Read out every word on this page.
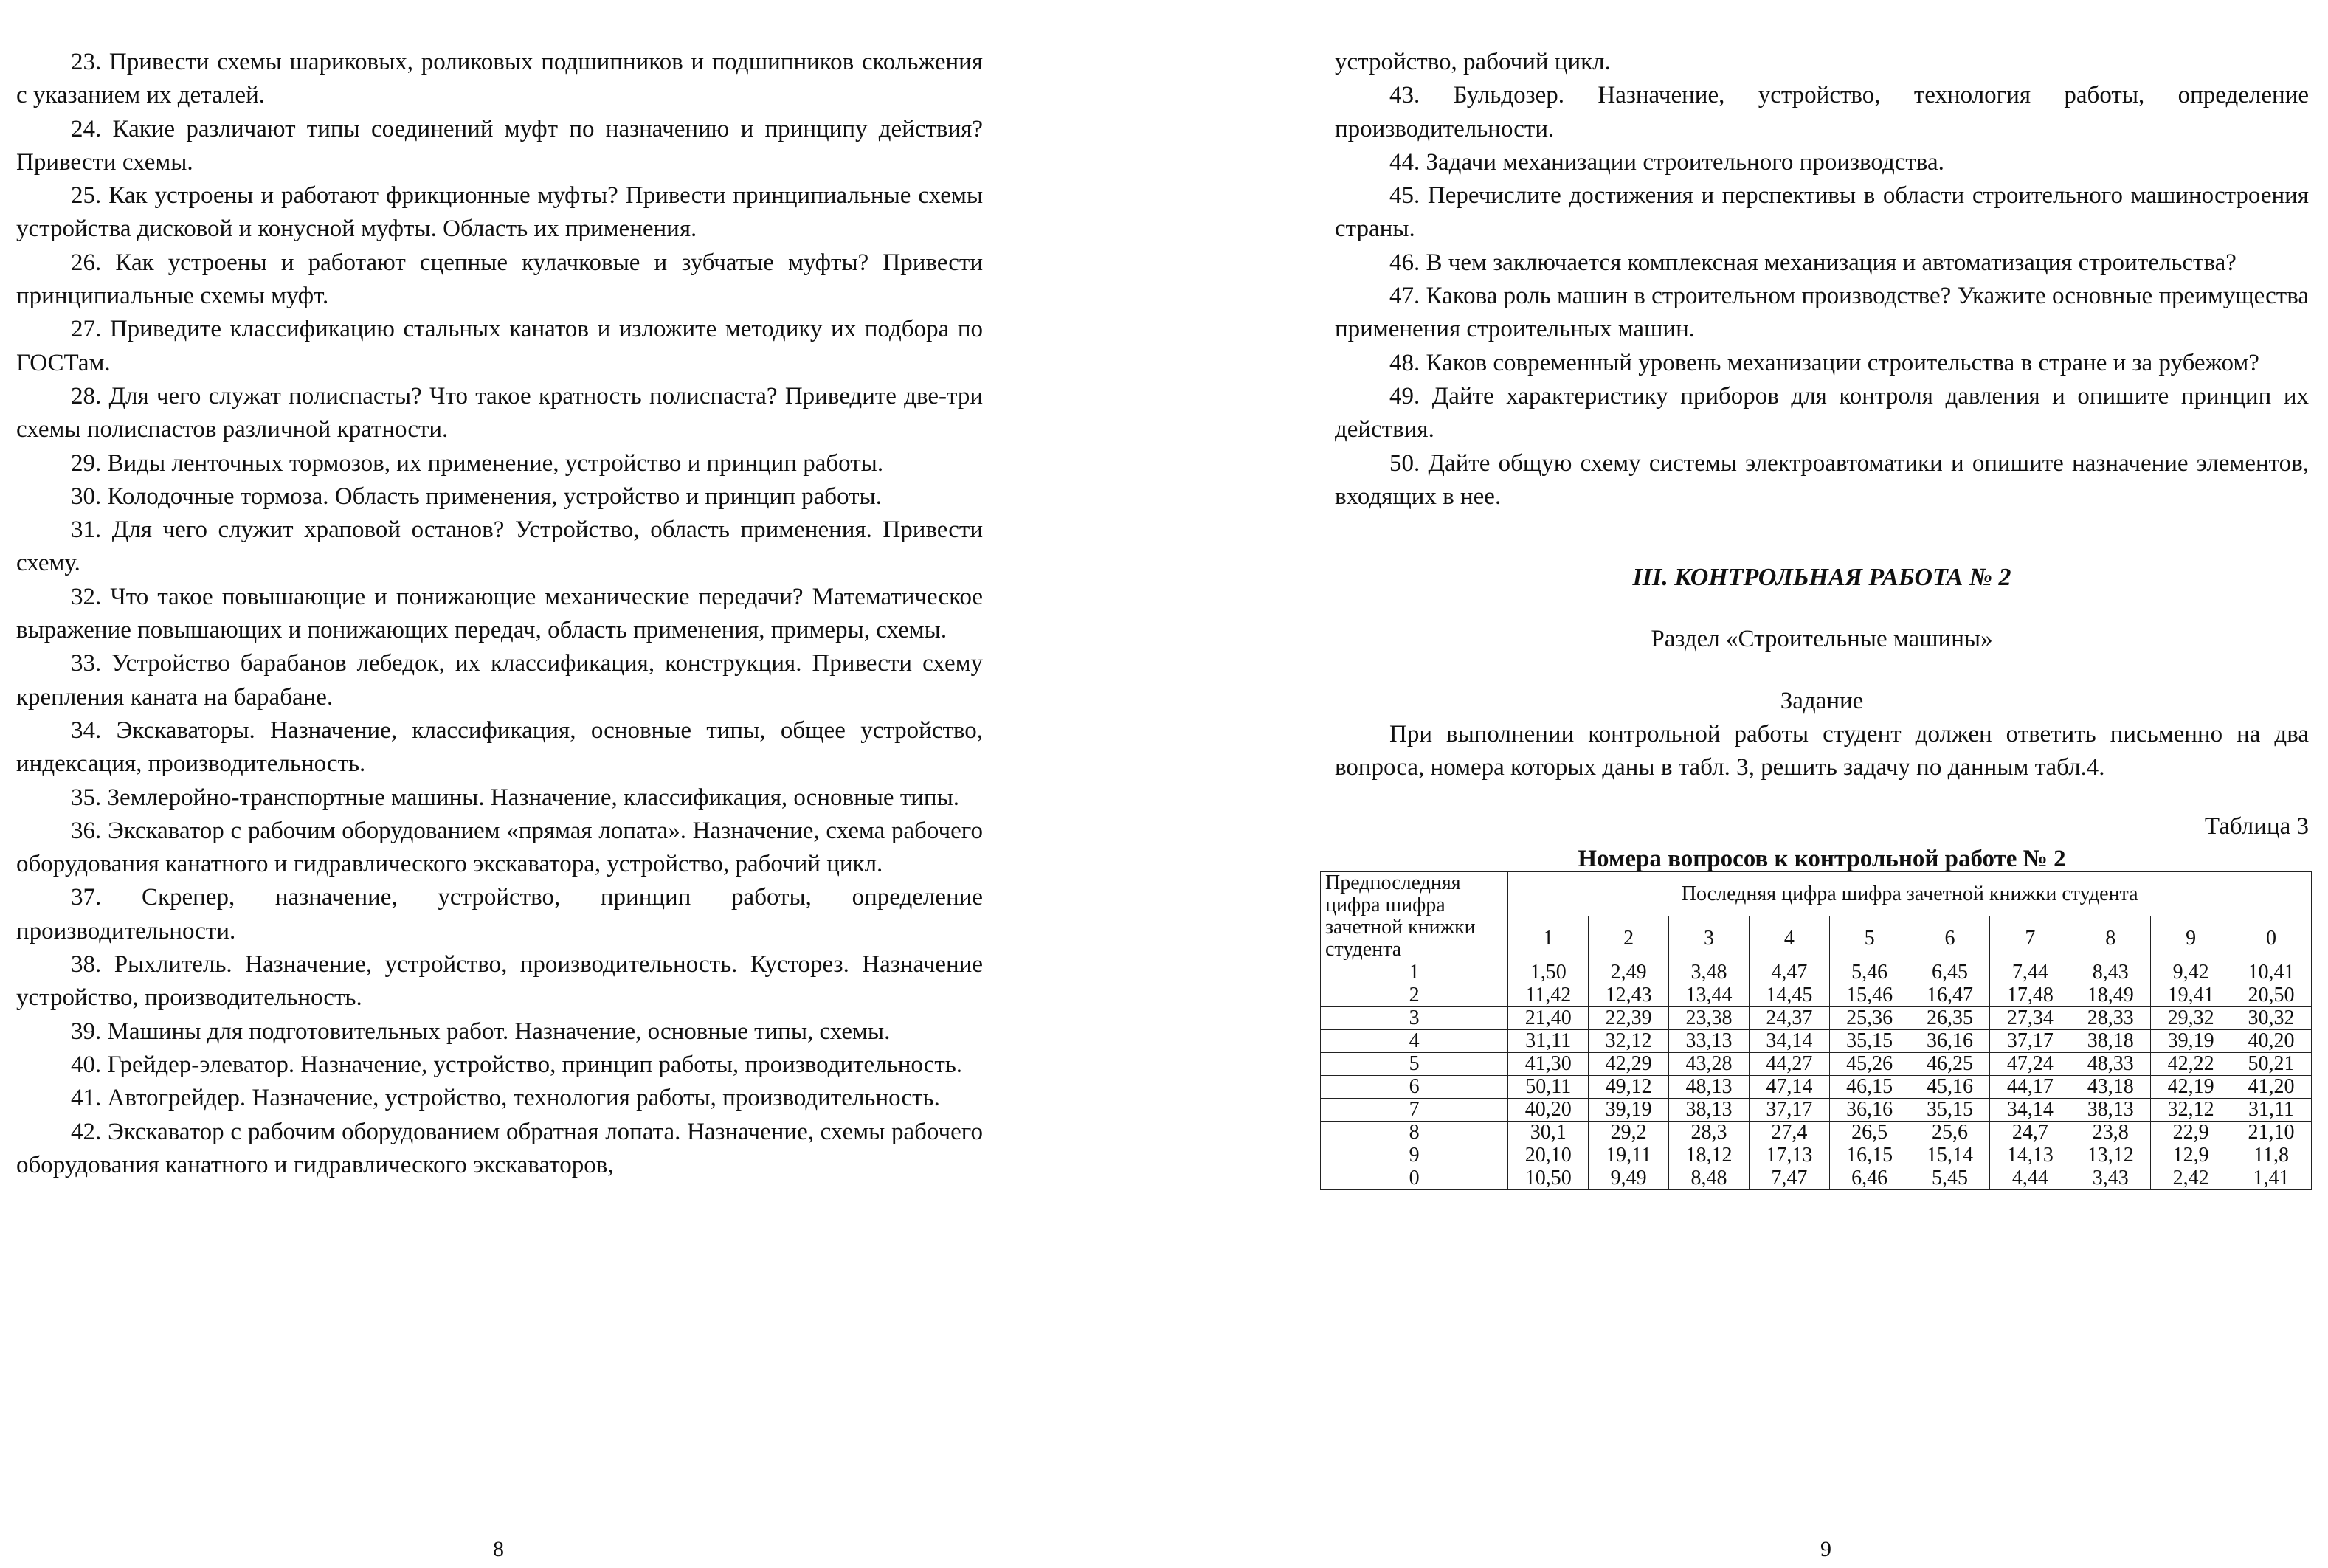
23. Привести схемы шариковых, роликовых подшипников и подшипников скольжения с указанием их деталей.

24. Какие различают типы соединений муфт по назначению и принципу действия? Привести схемы.

25. Как устроены и работают фрикционные муфты? Привести принципиальные схемы устройства дисковой и конусной муфты. Область их применения.

26. Как устроены и работают сцепные кулачковые и зубчатые муфты? Привести принципиальные схемы муфт.

27. Приведите классификацию стальных канатов и изложите методику их подбора по ГОСТам.

28. Для чего служат полиспасты? Что такое кратность полиспаста? Приведите две-три схемы полиспастов различной кратности.

29. Виды ленточных тормозов, их применение, устройство и принцип работы.

30. Колодочные тормоза. Область применения, устройство и принцип работы.

31. Для чего служит храповой останов? Устройство, область применения. Привести схему.

32. Что такое повышающие и понижающие механические передачи? Математическое выражение повышающих и понижающих передач, область применения, примеры, схемы.

33. Устройство барабанов лебедок, их классификация, конструкция. Привести схему крепления каната на барабане.

34. Экскаваторы. Назначение, классификация, основные типы, общее устройство, индексация, производительность.

35. Землеройно-транспортные машины. Назначение, классификация, основные типы.

36. Экскаватор с рабочим оборудованием «прямая лопата». Назначение, схема рабочего оборудования канатного и гидравлического экскаватора, устройство, рабочий цикл.

37. Скрепер, назначение, устройство, принцип работы, определение производительности.

38. Рыхлитель. Назначение, устройство, производительность. Кусторез. Назначение устройство, производительность.

39. Машины для подготовительных работ. Назначение, основные типы, схемы.

40. Грейдер-элеватор. Назначение, устройство, принцип работы, производительность.

41. Автогрейдер. Назначение, устройство, технология работы, производительность.

42. Экскаватор с рабочим оборудованием обратная лопата. Назначение, схемы рабочего оборудования канатного и гидравлического экскаваторов,

8

устройство, рабочий цикл.

43. Бульдозер. Назначение, устройство, технология работы, определение производительности.

44. Задачи механизации строительного производства.

45. Перечислите достижения и перспективы в области строительного машиностроения страны.

46. В чем заключается комплексная механизация и автоматизация строительства?

47. Какова роль машин в строительном производстве? Укажите основные преимущества применения строительных машин.

48. Каков современный уровень механизации строительства в стране и за рубежом?

49. Дайте характеристику приборов для контроля давления и опишите принцип их действия.

50. Дайте общую схему системы электроавтоматики и опишите назначение элементов, входящих в нее.

III. КОНТРОЛЬНАЯ РАБОТА № 2
Раздел «Строительные машины»
Задание

При выполнении контрольной работы студент должен ответить письменно на два вопроса, номера которых даны в табл. 3, решить задачу по данным табл.4.

Таблица 3
Номера вопросов к контрольной работе № 2
Предпоследняя цифра шифра зачетной книжки студента	Последняя цифра шифра зачетной книжки студента									
	1	2	3	4	5	6	7	8	9	0
1	1,50	2,49	3,48	4,47	5,46	6,45	7,44	8,43	9,42	10,41
2	11,42	12,43	13,44	14,45	15,46	16,47	17,48	18,49	19,41	20,50
3	21,40	22,39	23,38	24,37	25,36	26,35	27,34	28,33	29,32	30,32
4	31,11	32,12	33,13	34,14	35,15	36,16	37,17	38,18	39,19	40,20
5	41,30	42,29	43,28	44,27	45,26	46,25	47,24	48,33	42,22	50,21
6	50,11	49,12	48,13	47,14	46,15	45,16	44,17	43,18	42,19	41,20
7	40,20	39,19	38,13	37,17	36,16	35,15	34,14	38,13	32,12	31,11
8	30,1	29,2	28,3	27,4	26,5	25,6	24,7	23,8	22,9	21,10
9	20,10	19,11	18,12	17,13	16,15	15,14	14,13	13,12	12,9	11,8
0	10,50	9,49	8,48	7,47	6,46	5,45	4,44	3,43	2,42	1,41
9
